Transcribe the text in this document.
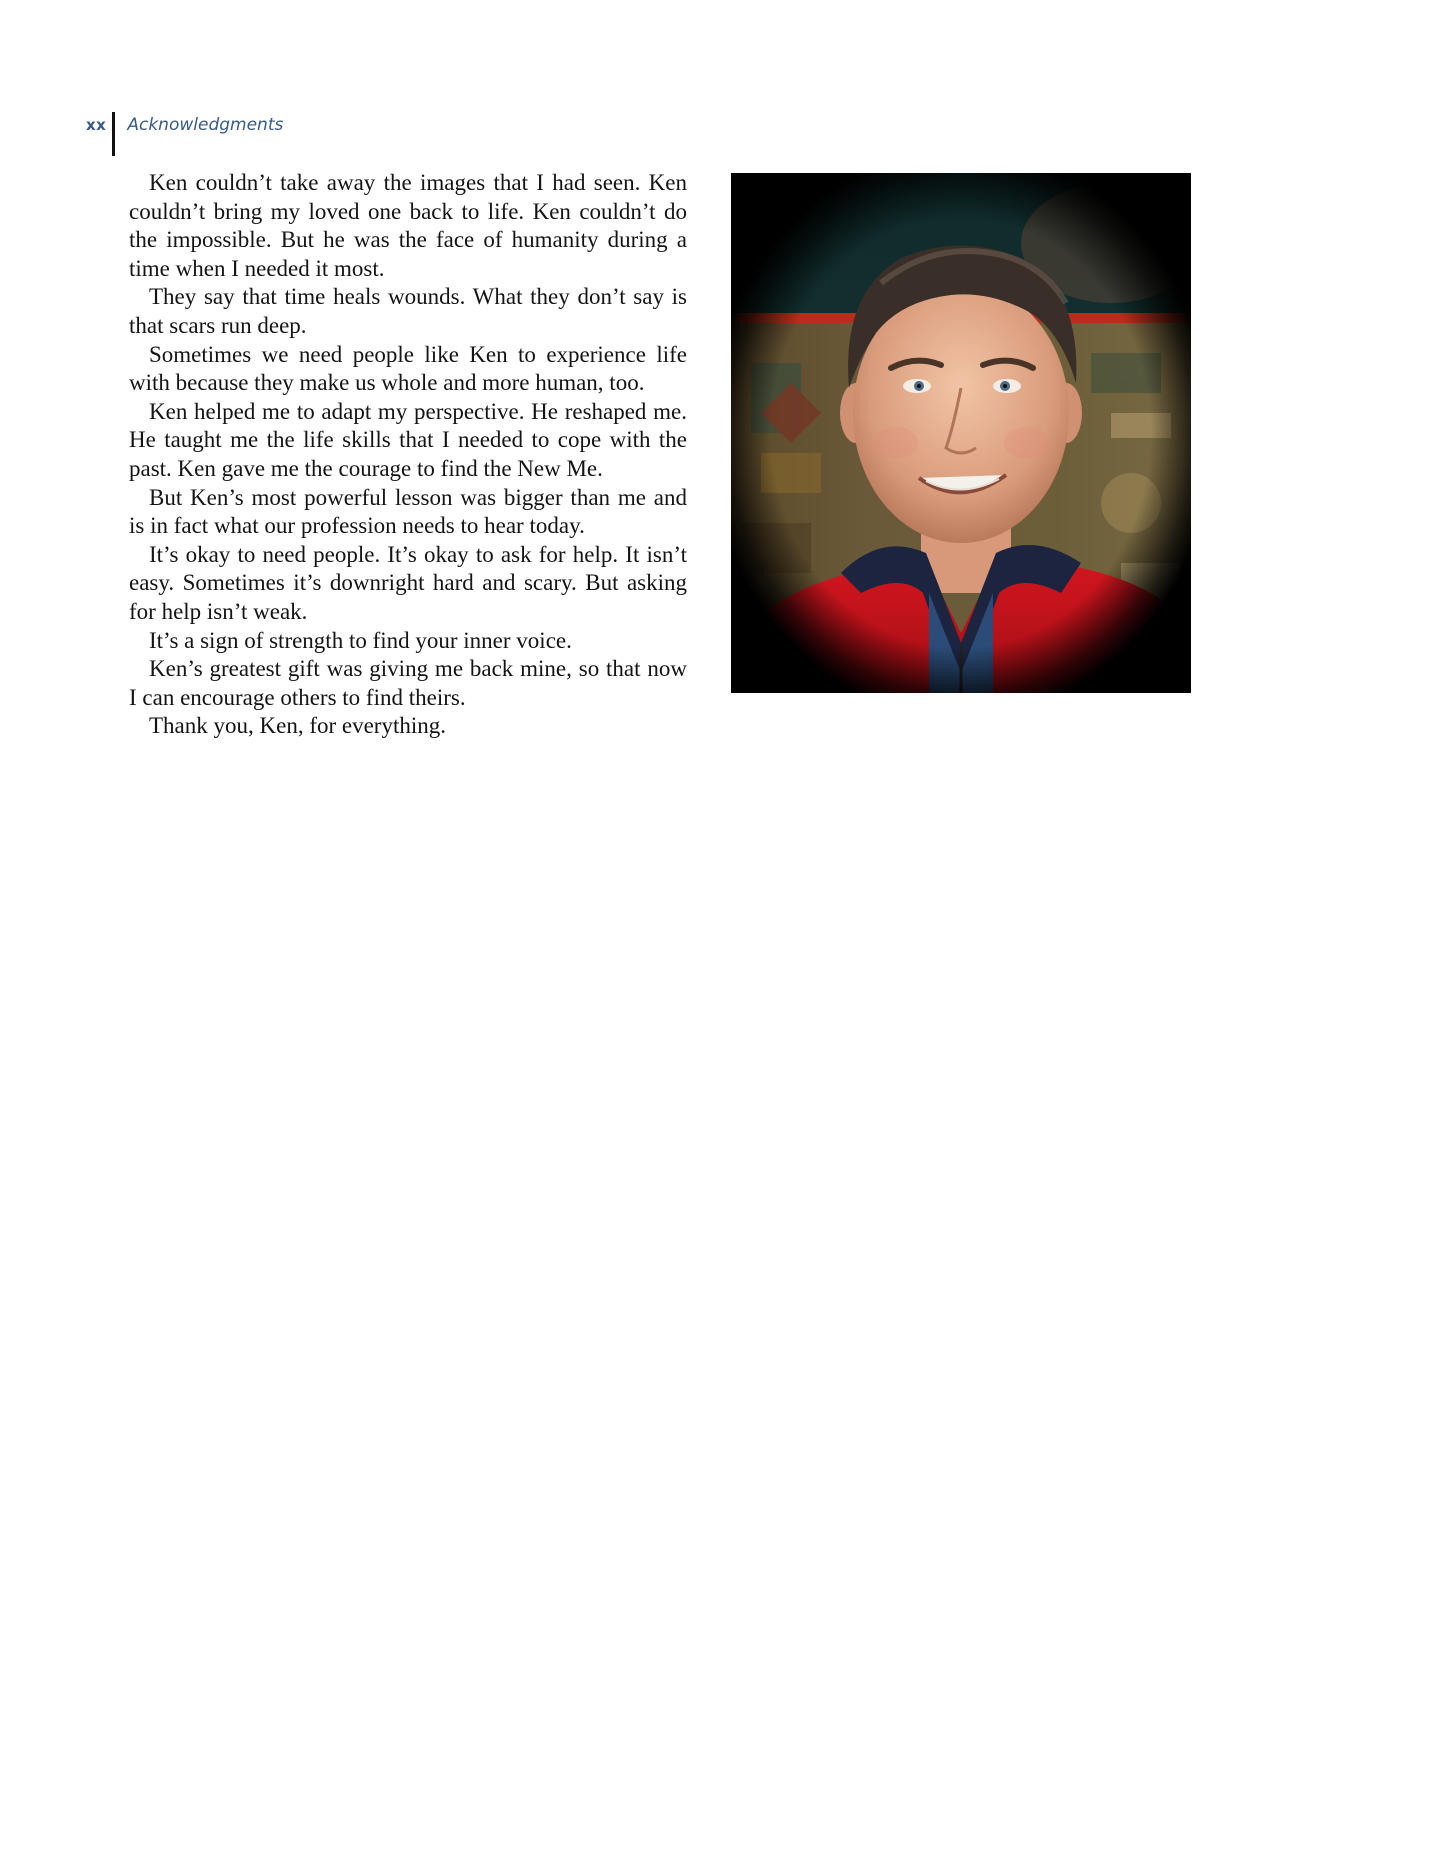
xx Acknowledgments

Ken couldn’t take away the images that I had seen. Ken couldn’t bring my loved one back to life. Ken couldn’t do the impossible. But he was the face of humanity during a time when I needed it most.

They say that time heals wounds. What they don’t say is that scars run deep.

Sometimes we need people like Ken to experience life with because they make us whole and more human, too.

Ken helped me to adapt my perspective. He reshaped me. He taught me the life skills that I needed to cope with the past. Ken gave me the courage to find the New Me.

But Ken’s most powerful lesson was bigger than me and is in fact what our profession needs to hear today.

It’s okay to need people. It’s okay to ask for help. It isn’t easy. Sometimes it’s downright hard and scary. But asking for help isn’t weak.

It’s a sign of strength to find your inner voice.

Ken’s greatest gift was giving me back mine, so that now I can encourage others to find theirs.

Thank you, Ken, for everything.
